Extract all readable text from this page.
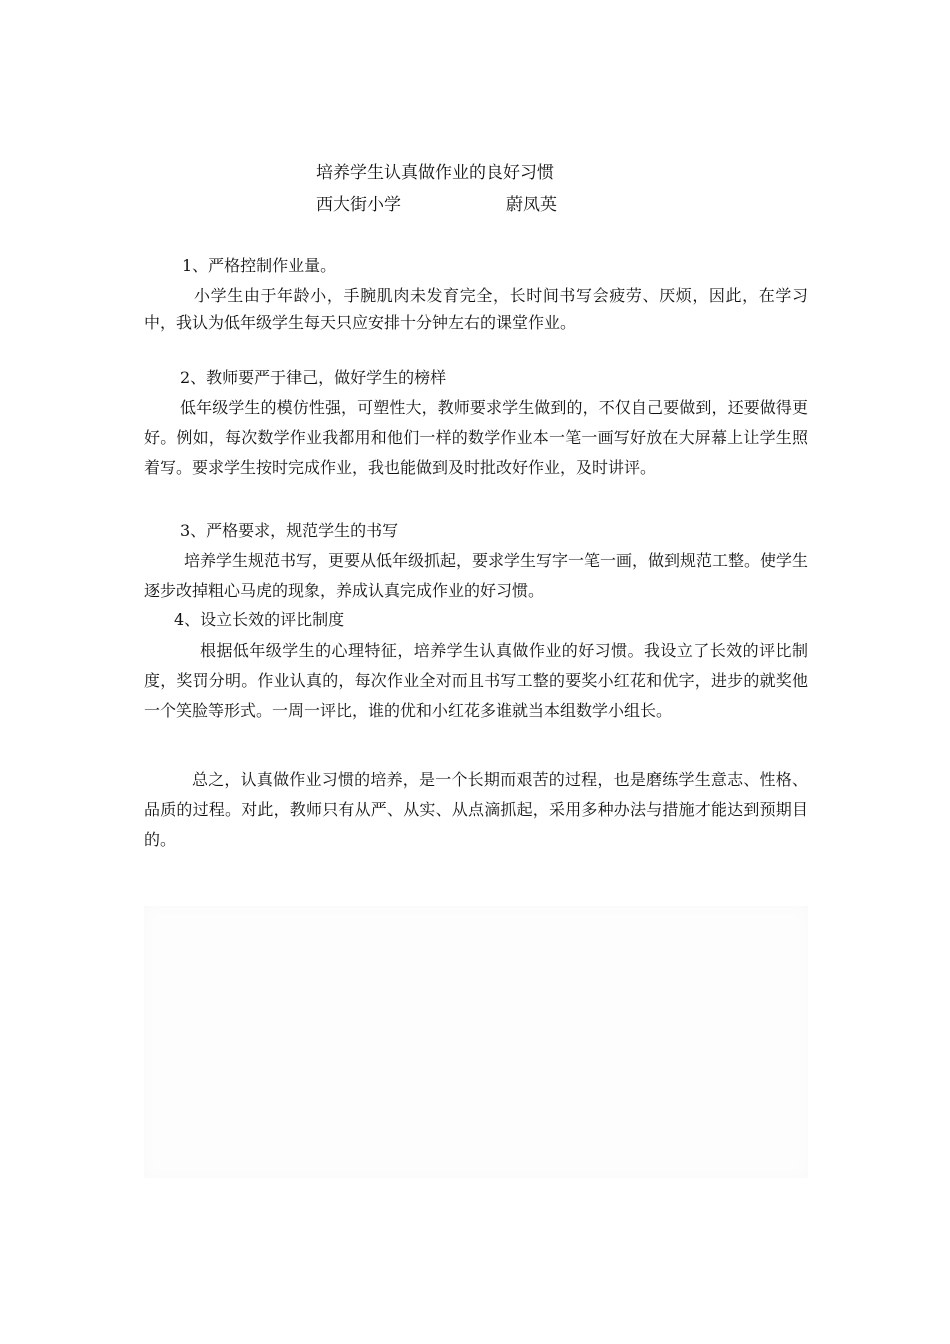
培养学生认真做作业的良好习惯
西大街小学	蔚凤英
1、严格控制作业量。
小学生由于年龄小，手腕肌肉未发育完全，长时间书写会疲劳、厌烦，因此，在学习中，我认为低年级学生每天只应安排十分钟左右的课堂作业。
2、教师要严于律己，做好学生的榜样
低年级学生的模仿性强，可塑性大，教师要求学生做到的，不仅自己要做到，还要做得更好。例如，每次数学作业我都用和他们一样的数学作业本一笔一画写好放在大屏幕上让学生照着写。要求学生按时完成作业，我也能做到及时批改好作业，及时讲评。
3、严格要求，规范学生的书写
培养学生规范书写，更要从低年级抓起，要求学生写字一笔一画，做到规范工整。使学生逐步改掉粗心马虎的现象，养成认真完成作业的好习惯。
4、设立长效的评比制度
根据低年级学生的心理特征，培养学生认真做作业的好习惯。我设立了长效的评比制度，奖罚分明。作业认真的，每次作业全对而且书写工整的要奖小红花和优字，进步的就奖他一个笑脸等形式。一周一评比，谁的优和小红花多谁就当本组数学小组长。
总之，认真做作业习惯的培养，是一个长期而艰苦的过程，也是磨练学生意志、性格、品质的过程。对此，教师只有从严、从实、从点滴抓起，采用多种办法与措施才能达到预期目的。
